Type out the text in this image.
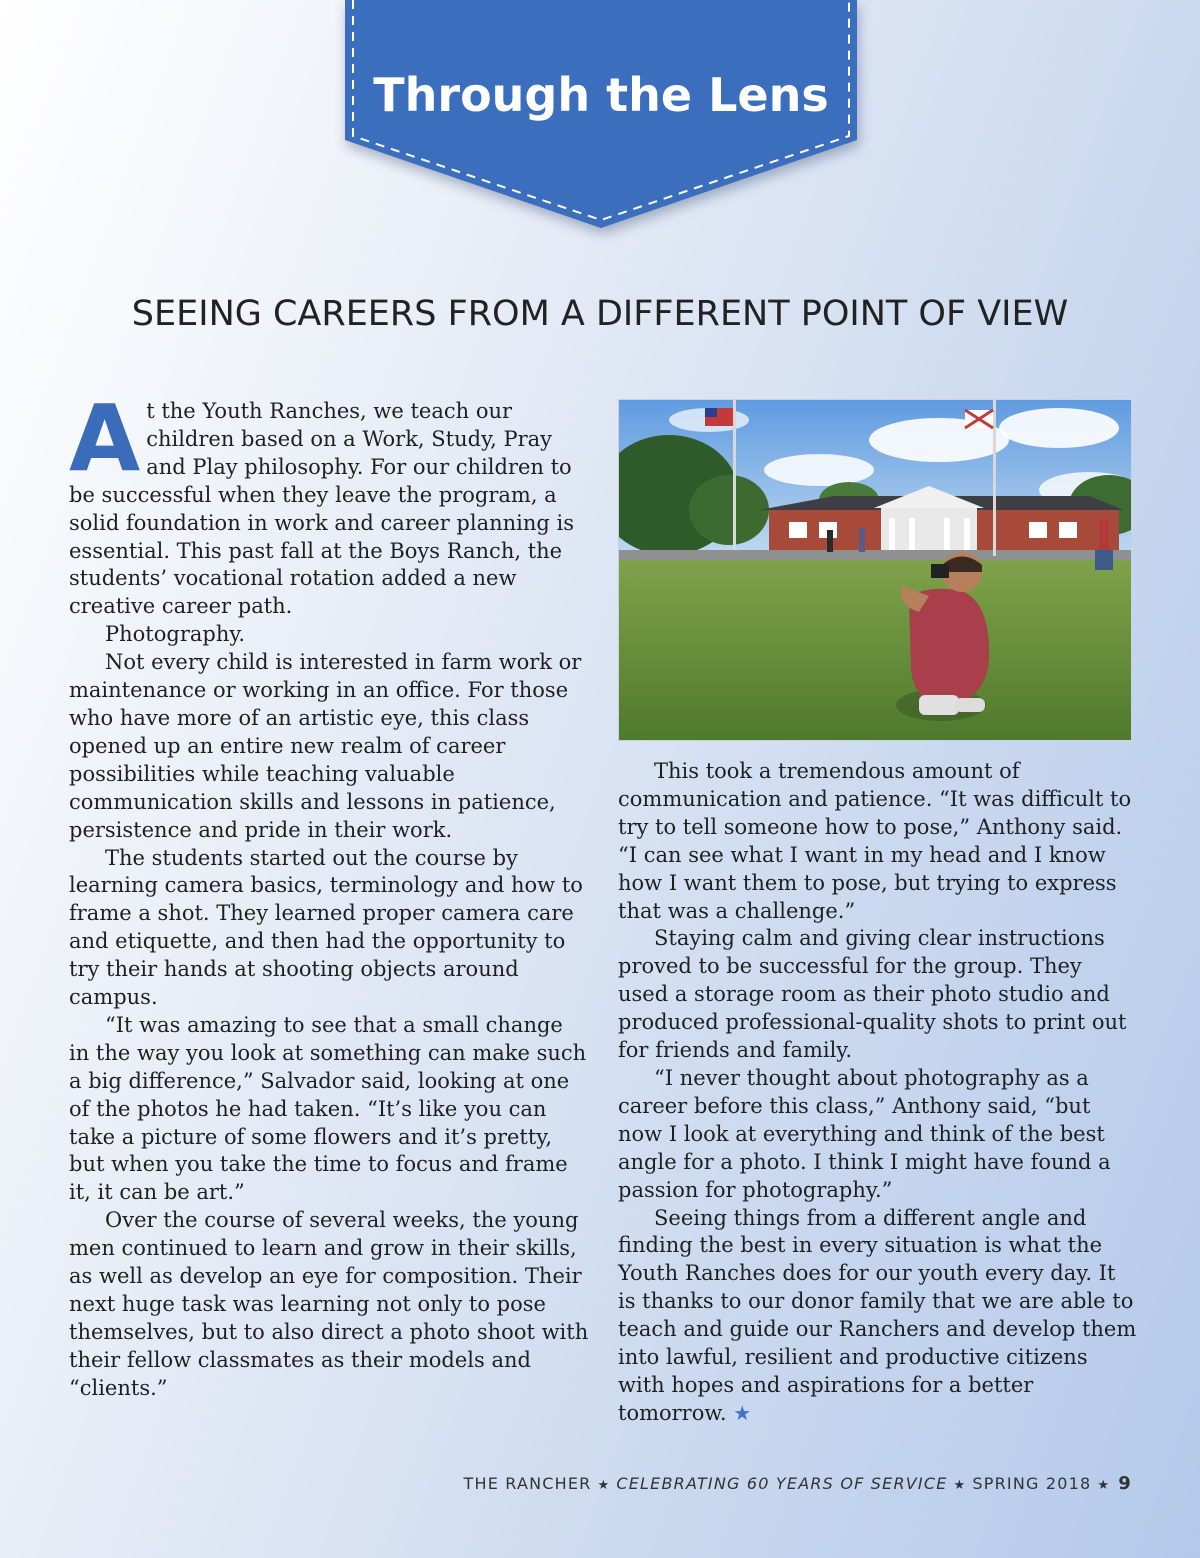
Through the Lens
SEEING CAREERS FROM A DIFFERENT POINT OF VIEW

At the Youth Ranches, we teach our children based on a Work, Study, Pray and Play philosophy. For our children to be successful when they leave the program, a solid foundation in work and career planning is essential. This past fall at the Boys Ranch, the students’ vocational rotation added a new creative career path.

Photography.

Not every child is interested in farm work or maintenance or working in an office. For those who have more of an artistic eye, this class opened up an entire new realm of career possibilities while teaching valuable communication skills and lessons in patience, persistence and pride in their work.

The students started out the course by learning camera basics, terminology and how to frame a shot. They learned proper camera care and etiquette, and then had the opportunity to try their hands at shooting objects around campus.

“It was amazing to see that a small change in the way you look at something can make such a big difference,” Salvador said, looking at one of the photos he had taken. “It’s like you can take a picture of some flowers and it’s pretty, but when you take the time to focus and frame it, it can be art.”

Over the course of several weeks, the young men continued to learn and grow in their skills, as well as develop an eye for composition. Their next huge task was learning not only to pose themselves, but to also direct a photo shoot with their fellow classmates as their models and “clients.”

This took a tremendous amount of communication and patience. “It was difficult to try to tell someone how to pose,” Anthony said. “I can see what I want in my head and I know how I want them to pose, but trying to express that was a challenge.”

Staying calm and giving clear instructions proved to be successful for the group. They used a storage room as their photo studio and produced professional-quality shots to print out for friends and family.

“I never thought about photography as a career before this class,” Anthony said, “but now I look at everything and think of the best angle for a photo. I think I might have found a passion for photography.”

Seeing things from a different angle and finding the best in every situation is what the Youth Ranches does for our youth every day. It is thanks to our donor family that we are able to teach and guide our Ranchers and develop them into lawful, resilient and productive citizens with hopes and aspirations for a better tomorrow. ★

THE RANCHER ★ CELEBRATING 60 YEARS OF SERVICE ★ SPRING 2018 ★ 9
